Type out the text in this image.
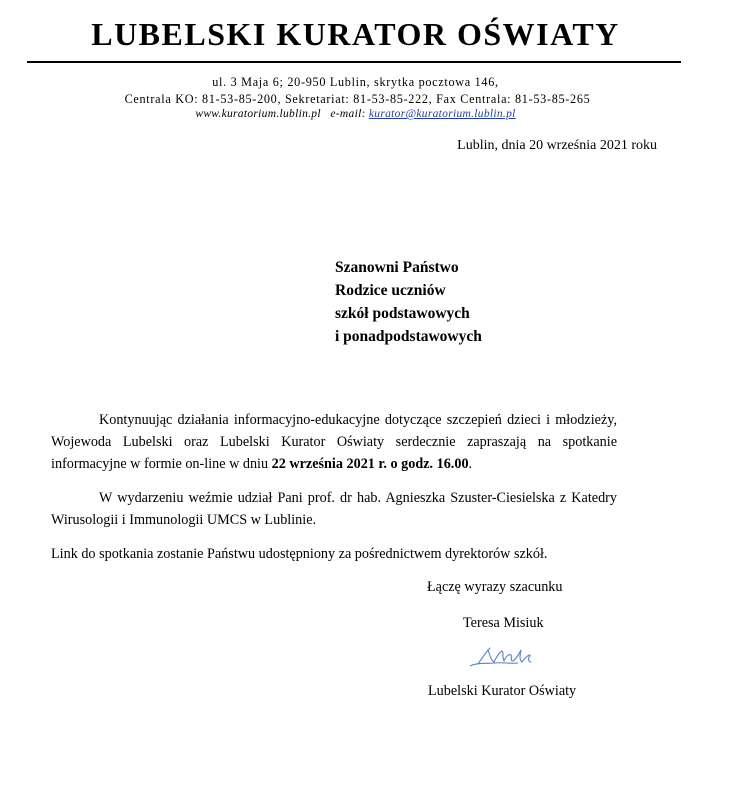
LUBELSKI KURATOR OŚWIATY
ul. 3 Maja 6; 20-950 Lublin, skrytka pocztowa 146,
Centrala KO: 81-53-85-200, Sekretariat: 81-53-85-222, Fax Centrala: 81-53-85-265
www.kuratorium.lublin.pl e-mail: kurator@kuratorium.lublin.pl
Lublin, dnia 20 września 2021 roku
Szanowni Państwo
Rodzice uczniów
szkół podstawowych
i ponadpodstawowych
Kontynuując działania informacyjno-edukacyjne dotyczące szczepień dzieci i młodzieży, Wojewoda Lubelski oraz Lubelski Kurator Oświaty serdecznie zapraszają na spotkanie informacyjne w formie on-line w dniu 22 września 2021 r. o godz. 16.00.
W wydarzeniu weźmie udział Pani prof. dr hab. Agnieszka Szuster-Ciesielska z Katedry Wirusologii i Immunologii UMCS w Lublinie.
Link do spotkania zostanie Państwu udostępniony za pośrednictwem dyrektorów szkół.
Łączę wyrazy szacunku
Teresa Misiuk
Lubelski Kurator Oświaty
